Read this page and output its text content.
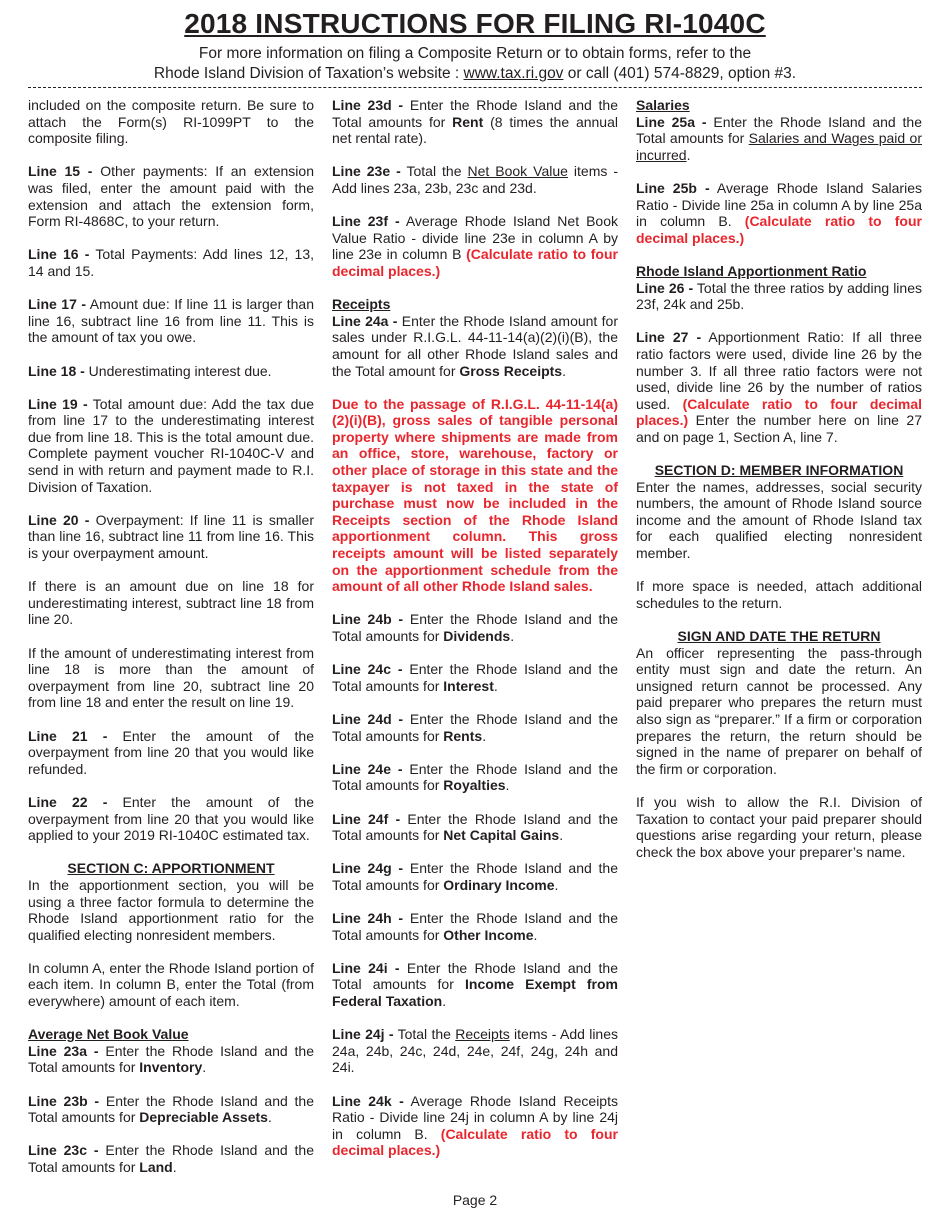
2018 INSTRUCTIONS FOR FILING RI-1040C
For more information on filing a Composite Return or to obtain forms, refer to the
Rhode Island Division of Taxation’s website : www.tax.ri.gov or call (401) 574-8829, option #3.

included on the composite return. Be sure to attach the Form(s) RI-1099PT to the composite filing.

Line 15 - Other payments: If an extension was filed, enter the amount paid with the extension and attach the extension form, Form RI-4868C, to your return.

Line 16 - Total Payments: Add lines 12, 13, 14 and 15.

Line 17 - Amount due: If line 11 is larger than line 16, subtract line 16 from line 11. This is the amount of tax you owe.

Line 18 - Underestimating interest due.

Line 19 - Total amount due: Add the tax due from line 17 to the underestimating interest due from line 18. This is the total amount due. Complete payment voucher RI-1040C-V and send in with return and payment made to R.I. Division of Taxation.

Line 20 - Overpayment: If line 11 is smaller than line 16, subtract line 11 from line 16. This is your overpayment amount.

If there is an amount due on line 18 for underestimating interest, subtract line 18 from line 20.

If the amount of underestimating interest from line 18 is more than the amount of overpayment from line 20, subtract line 20 from line 18 and enter the result on line 19.

Line 21 - Enter the amount of the overpayment from line 20 that you would like refunded.

Line 22 - Enter the amount of the overpayment from line 20 that you would like applied to your 2019 RI-1040C estimated tax.

SECTION C: APPORTIONMENT

In the apportionment section, you will be using a three factor formula to determine the Rhode Island apportionment ratio for the qualified electing nonresident members.

In column A, enter the Rhode Island portion of each item. In column B, enter the Total (from everywhere) amount of each item.

Average Net Book Value

Line 23a - Enter the Rhode Island and the Total amounts for Inventory.

Line 23b - Enter the Rhode Island and the Total amounts for Depreciable Assets.

Line 23c - Enter the Rhode Island and the Total amounts for Land.

Line 23d - Enter the Rhode Island and the Total amounts for Rent (8 times the annual net rental rate).

Line 23e - Total the Net Book Value items - Add lines 23a, 23b, 23c and 23d.

Line 23f - Average Rhode Island Net Book Value Ratio - divide line 23e in column A by line 23e in column B (Calculate ratio to four decimal places.)

Receipts

Line 24a - Enter the Rhode Island amount for sales under R.I.G.L. 44-11-14(a)(2)(i)(B), the amount for all other Rhode Island sales and the Total amount for Gross Receipts.

Due to the passage of R.I.G.L. 44-11-14(a)(2)(i)(B), gross sales of tangible personal property where shipments are made from an office, store, warehouse, factory or other place of storage in this state and the taxpayer is not taxed in the state of purchase must now be included in the Receipts section of the Rhode Island apportionment column. This gross receipts amount will be listed separately on the apportionment schedule from the amount of all other Rhode Island sales.

Line 24b - Enter the Rhode Island and the Total amounts for Dividends.

Line 24c - Enter the Rhode Island and the Total amounts for Interest.

Line 24d - Enter the Rhode Island and the Total amounts for Rents.

Line 24e - Enter the Rhode Island and the Total amounts for Royalties.

Line 24f - Enter the Rhode Island and the Total amounts for Net Capital Gains.

Line 24g - Enter the Rhode Island and the Total amounts for Ordinary Income.

Line 24h - Enter the Rhode Island and the Total amounts for Other Income.

Line 24i - Enter the Rhode Island and the Total amounts for Income Exempt from Federal Taxation.

Line 24j - Total the Receipts items - Add lines 24a, 24b, 24c, 24d, 24e, 24f, 24g, 24h and 24i.

Line 24k - Average Rhode Island Receipts Ratio - Divide line 24j in column A by line 24j in column B. (Calculate ratio to four decimal places.)

Salaries

Line 25a - Enter the Rhode Island and the Total amounts for Salaries and Wages paid or incurred.

Line 25b - Average Rhode Island Salaries Ratio - Divide line 25a in column A by line 25a in column B. (Calculate ratio to four decimal places.)

Rhode Island Apportionment Ratio

Line 26 - Total the three ratios by adding lines 23f, 24k and 25b.

Line 27 - Apportionment Ratio: If all three ratio factors were used, divide line 26 by the number 3. If all three ratio factors were not used, divide line 26 by the number of ratios used. (Calculate ratio to four decimal places.) Enter the number here on line 27 and on page 1, Section A, line 7.

SECTION D: MEMBER INFORMATION

Enter the names, addresses, social security numbers, the amount of Rhode Island source income and the amount of Rhode Island tax for each qualified electing nonresident member.

If more space is needed, attach additional schedules to the return.

SIGN AND DATE THE RETURN

An officer representing the pass-through entity must sign and date the return. An unsigned return cannot be processed. Any paid preparer who prepares the return must also sign as “preparer.” If a firm or corporation prepares the return, the return should be signed in the name of preparer on behalf of the firm or corporation.

If you wish to allow the R.I. Division of Taxation to contact your paid preparer should questions arise regarding your return, please check the box above your preparer’s name.

Page 2
